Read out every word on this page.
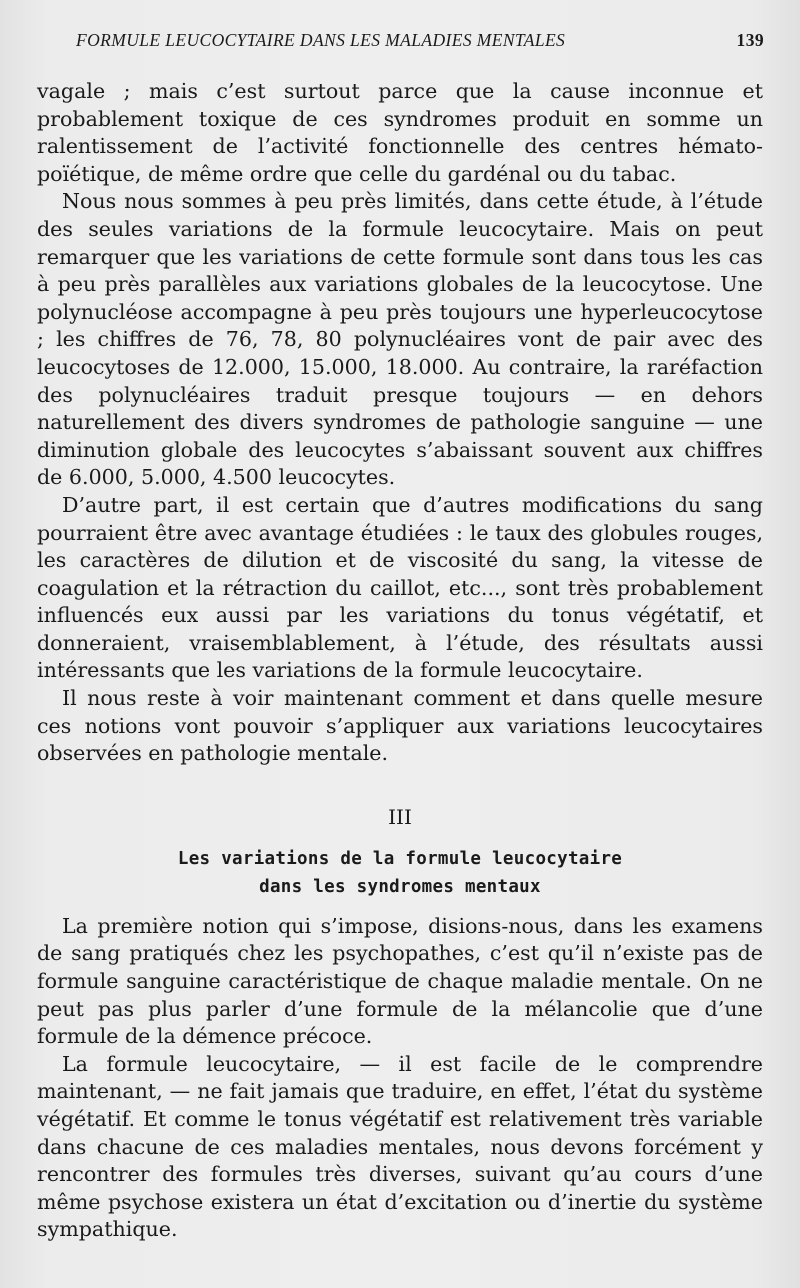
FORMULE LEUCOCYTAIRE DANS LES MALADIES MENTALES	139

vagale ; mais c’est surtout parce que la cause inconnue et probablement toxique de ces syndromes produit en somme un ralentissement de l’activité fonctionnelle des centres hémato-poïétique, de même ordre que celle du gardénal ou du tabac.

Nous nous sommes à peu près limités, dans cette étude, à l’étude des seules variations de la formule leucocytaire. Mais on peut remarquer que les variations de cette formule sont dans tous les cas à peu près parallèles aux variations globales de la leucocytose. Une polynucléose accompagne à peu près toujours une hyperleucocytose ; les chiffres de 76, 78, 80 polynucléaires vont de pair avec des leucocytoses de 12.000, 15.000, 18.000. Au contraire, la raréfaction des polynucléaires traduit presque toujours — en dehors naturellement des divers syndromes de pathologie sanguine — une diminution globale des leucocytes s’abaissant souvent aux chiffres de 6.000, 5.000, 4.500 leucocytes.

D’autre part, il est certain que d’autres modifications du sang pourraient être avec avantage étudiées : le taux des globules rouges, les caractères de dilution et de viscosité du sang, la vitesse de coagulation et la rétraction du caillot, etc..., sont très probablement influencés eux aussi par les variations du tonus végétatif, et donneraient, vraisemblablement, à l’étude, des résultats aussi intéressants que les variations de la formule leucocytaire.

Il nous reste à voir maintenant comment et dans quelle mesure ces notions vont pouvoir s’appliquer aux variations leucocytaires observées en pathologie mentale.

III
Les variations de la formule leucocytaire
dans les syndromes mentaux

La première notion qui s’impose, disions-nous, dans les examens de sang pratiqués chez les psychopathes, c’est qu’il n’existe pas de formule sanguine caractéristique de chaque maladie mentale. On ne peut pas plus parler d’une formule de la mélancolie que d’une formule de la démence précoce.

La formule leucocytaire, — il est facile de le comprendre maintenant, — ne fait jamais que traduire, en effet, l’état du système végétatif. Et comme le tonus végétatif est relativement très variable dans chacune de ces maladies mentales, nous devons forcément y rencontrer des formules très diverses, suivant qu’au cours d’une même psychose existera un état d’excitation ou d’inertie du système sympathique.
